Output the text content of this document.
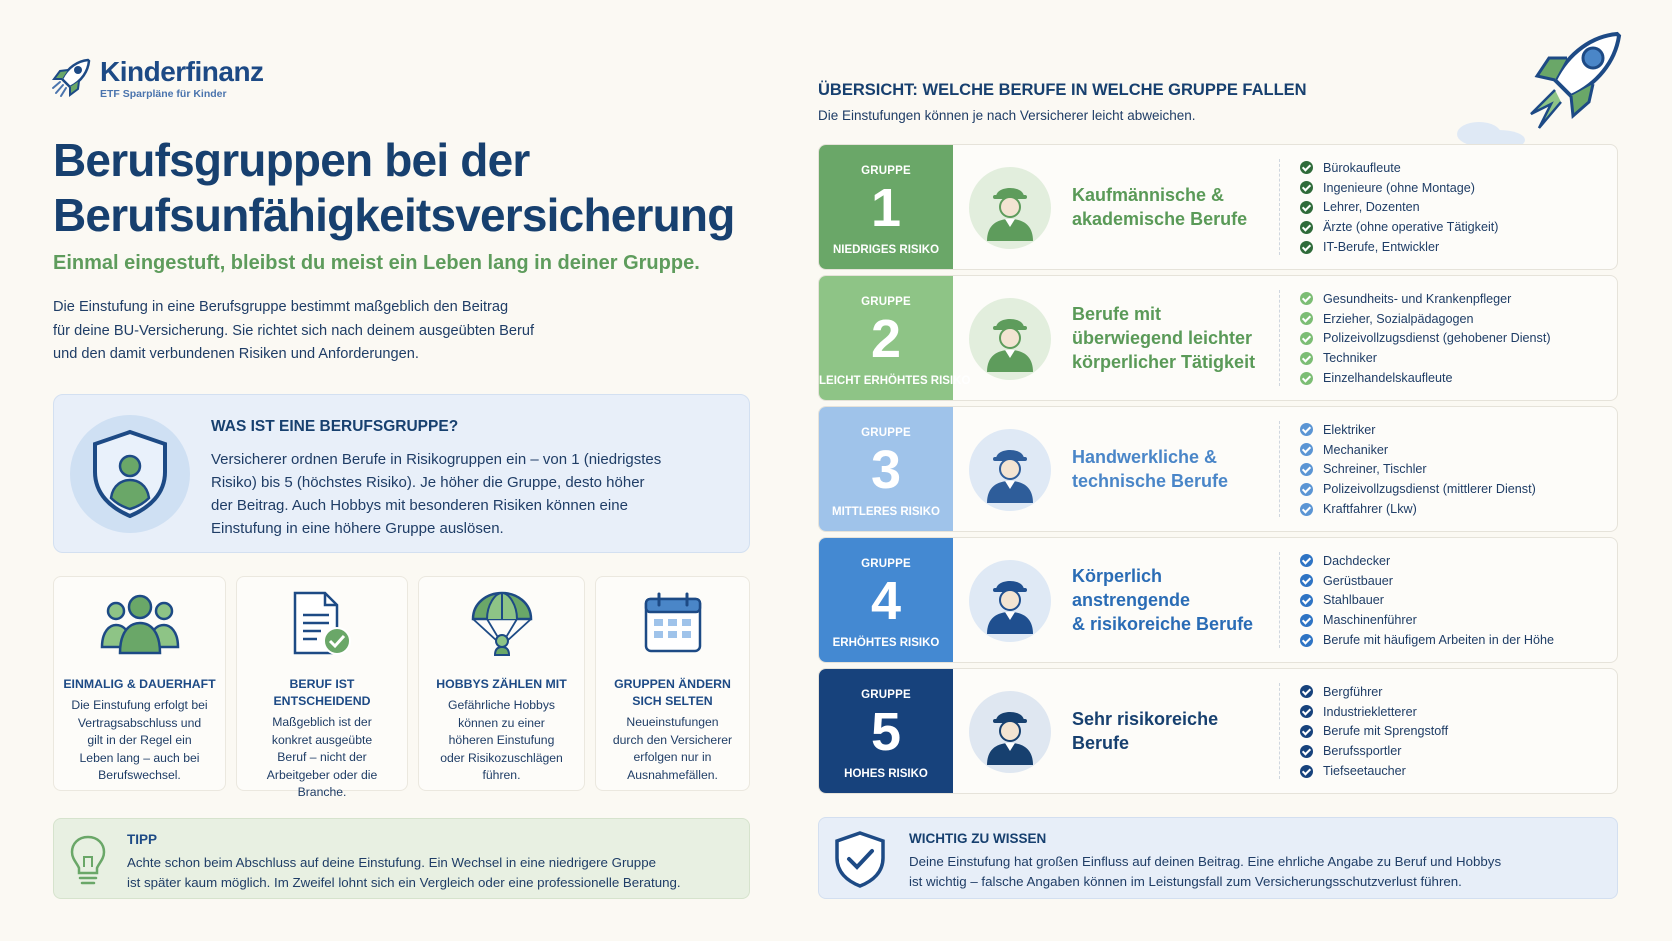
Kinderfinanz
ETF Sparpläne für Kinder
Berufsgruppen bei der
Berufsunfähigkeitsversicherung
Einmal eingestuft, bleibst du meist ein Leben lang in deiner Gruppe.
Die Einstufung in eine Berufsgruppe bestimmt maßgeblich den Beitrag
für deine BU-Versicherung. Sie richtet sich nach deinem ausgeübten Beruf
und den damit verbundenen Risiken und Anforderungen.
WAS IST EINE BERUFSGRUPPE?
Versicherer ordnen Berufe in Risikogruppen ein – von 1 (niedrigstes
Risiko) bis 5 (höchstes Risiko). Je höher die Gruppe, desto höher
der Beitrag. Auch Hobbys mit besonderen Risiken können eine
Einstufung in eine höhere Gruppe auslösen.
EINMALIG & DAUERHAFT
Die Einstufung erfolgt bei
Vertragsabschluss und
gilt in der Regel ein
Leben lang – auch bei
Berufswechsel.
BERUF IST ENTSCHEIDEND
Maßgeblich ist der
konkret ausgeübte
Beruf – nicht der
Arbeitgeber oder die
Branche.
HOBBYS ZÄHLEN MIT
Gefährliche Hobbys
können zu einer
höheren Einstufung
oder Risikozuschlägen
führen.
GRUPPEN ÄNDERN
SICH SELTEN
Neueinstufungen
durch den Versicherer
erfolgen nur in
Ausnahmefällen.
TIPP
Achte schon beim Abschluss auf deine Einstufung. Ein Wechsel in eine niedrigere Gruppe
ist später kaum möglich. Im Zweifel lohnt sich ein Vergleich oder eine professionelle Beratung.
ÜBERSICHT: WELCHE BERUFE IN WELCHE GRUPPE FALLEN
Die Einstufungen können je nach Versicherer leicht abweichen.
GRUPPE
1
NIEDRIGES RISIKO
Kaufmännische &
akademische Berufe
Bürokaufleute
Ingenieure (ohne Montage)
Lehrer, Dozenten
Ärzte (ohne operative Tätigkeit)
IT-Berufe, Entwickler
GRUPPE
2
LEICHT ERHÖHTES RISIKO
Berufe mit
überwiegend leichter
körperlicher Tätigkeit
Gesundheits- und Krankenpfleger
Erzieher, Sozialpädagogen
Polizeivollzugsdienst (gehobener Dienst)
Techniker
Einzelhandelskaufleute
GRUPPE
3
MITTLERES RISIKO
Handwerkliche &
technische Berufe
Elektriker
Mechaniker
Schreiner, Tischler
Polizeivollzugsdienst (mittlerer Dienst)
Kraftfahrer (Lkw)
GRUPPE
4
ERHÖHTES RISIKO
Körperlich anstrengende
& risikoreiche Berufe
Dachdecker
Gerüstbauer
Stahlbauer
Maschinenführer
Berufe mit häufigem Arbeiten in der Höhe
GRUPPE
5
HOHES RISIKO
Sehr risikoreiche
Berufe
Bergführer
Industriekletterer
Berufe mit Sprengstoff
Berufssportler
Tiefseetaucher
WICHTIG ZU WISSEN
Deine Einstufung hat großen Einfluss auf deinen Beitrag. Eine ehrliche Angabe zu Beruf und Hobbys
ist wichtig – falsche Angaben können im Leistungsfall zum Versicherungsschutzverlust führen.
